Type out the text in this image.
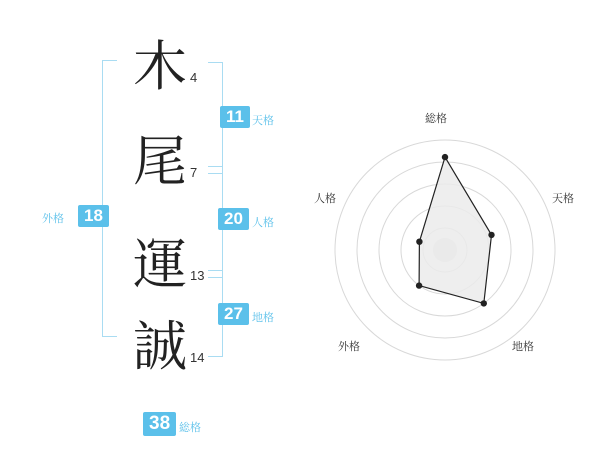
18
外格
木 4
尾 7
運 13
誠 14
11 天格
20 人格
27 地格
38 総格
総格
天格
地格
外格
人格
